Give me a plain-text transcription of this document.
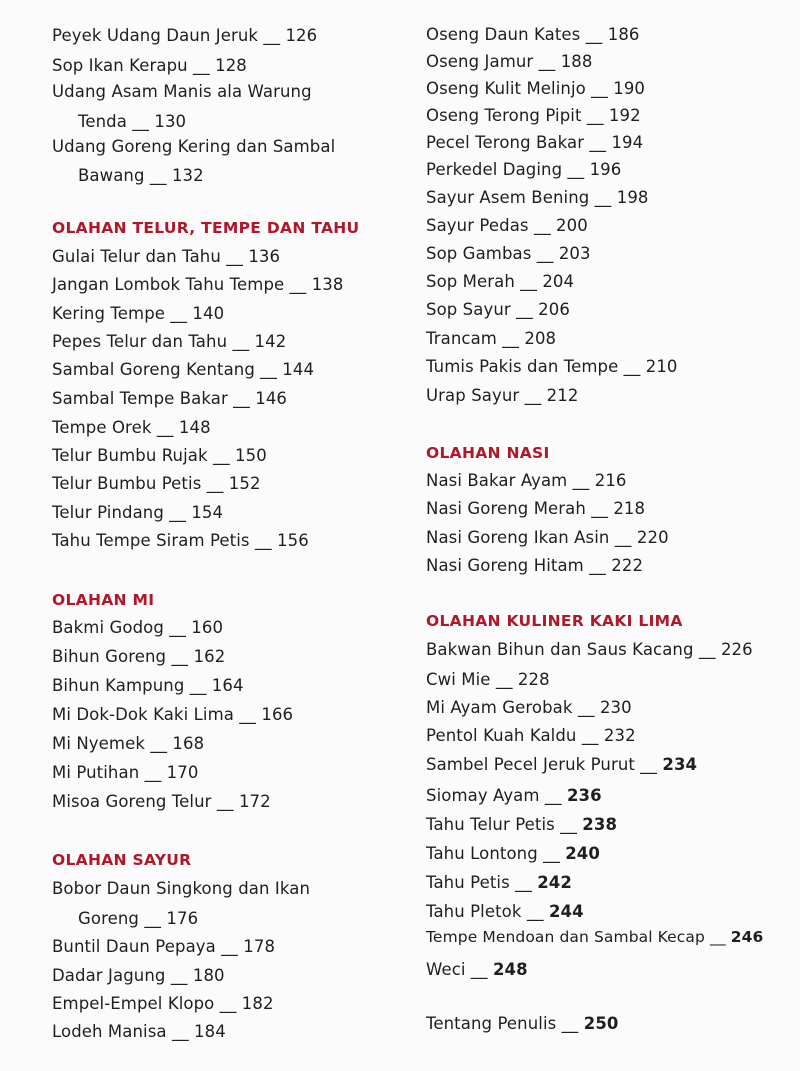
Peyek Udang Daun Jeruk __ 126
Sop Ikan Kerapu __ 128
Udang Asam Manis ala Warung
Tenda __ 130
Udang Goreng Kering dan Sambal
Bawang __ 132
OLAHAN TELUR, TEMPE DAN TAHU
Gulai Telur dan Tahu __ 136
Jangan Lombok Tahu Tempe __ 138
Kering Tempe __ 140
Pepes Telur dan Tahu __ 142
Sambal Goreng Kentang __ 144
Sambal Tempe Bakar __ 146
Tempe Orek __ 148
Telur Bumbu Rujak __ 150
Telur Bumbu Petis __ 152
Telur Pindang __ 154
Tahu Tempe Siram Petis __ 156
OLAHAN MI
Bakmi Godog __ 160
Bihun Goreng __ 162
Bihun Kampung __ 164
Mi Dok-Dok Kaki Lima __ 166
Mi Nyemek __ 168
Mi Putihan __ 170
Misoa Goreng Telur __ 172
OLAHAN SAYUR
Bobor Daun Singkong dan Ikan
Goreng __ 176
Buntil Daun Pepaya __ 178
Dadar Jagung __ 180
Empel-Empel Klopo __ 182
Lodeh Manisa __ 184
Oseng Daun Kates __ 186
Oseng Jamur __ 188
Oseng Kulit Melinjo __ 190
Oseng Terong Pipit __ 192
Pecel Terong Bakar __ 194
Perkedel Daging __ 196
Sayur Asem Bening __ 198
Sayur Pedas __ 200
Sop Gambas __ 203
Sop Merah __ 204
Sop Sayur __ 206
Trancam __ 208
Tumis Pakis dan Tempe __ 210
Urap Sayur __ 212
OLAHAN NASI
Nasi Bakar Ayam __ 216
Nasi Goreng Merah __ 218
Nasi Goreng Ikan Asin __ 220
Nasi Goreng Hitam __ 222
OLAHAN KULINER KAKI LIMA
Bakwan Bihun dan Saus Kacang __ 226
Cwi Mie __ 228
Mi Ayam Gerobak __ 230
Pentol Kuah Kaldu __ 232
Sambel Pecel Jeruk Purut __ 234
Siomay Ayam __ 236
Tahu Telur Petis __ 238
Tahu Lontong __ 240
Tahu Petis __ 242
Tahu Pletok __ 244
Tempe Mendoan dan Sambal Kecap __ 246
Weci __ 248
Tentang Penulis __ 250
